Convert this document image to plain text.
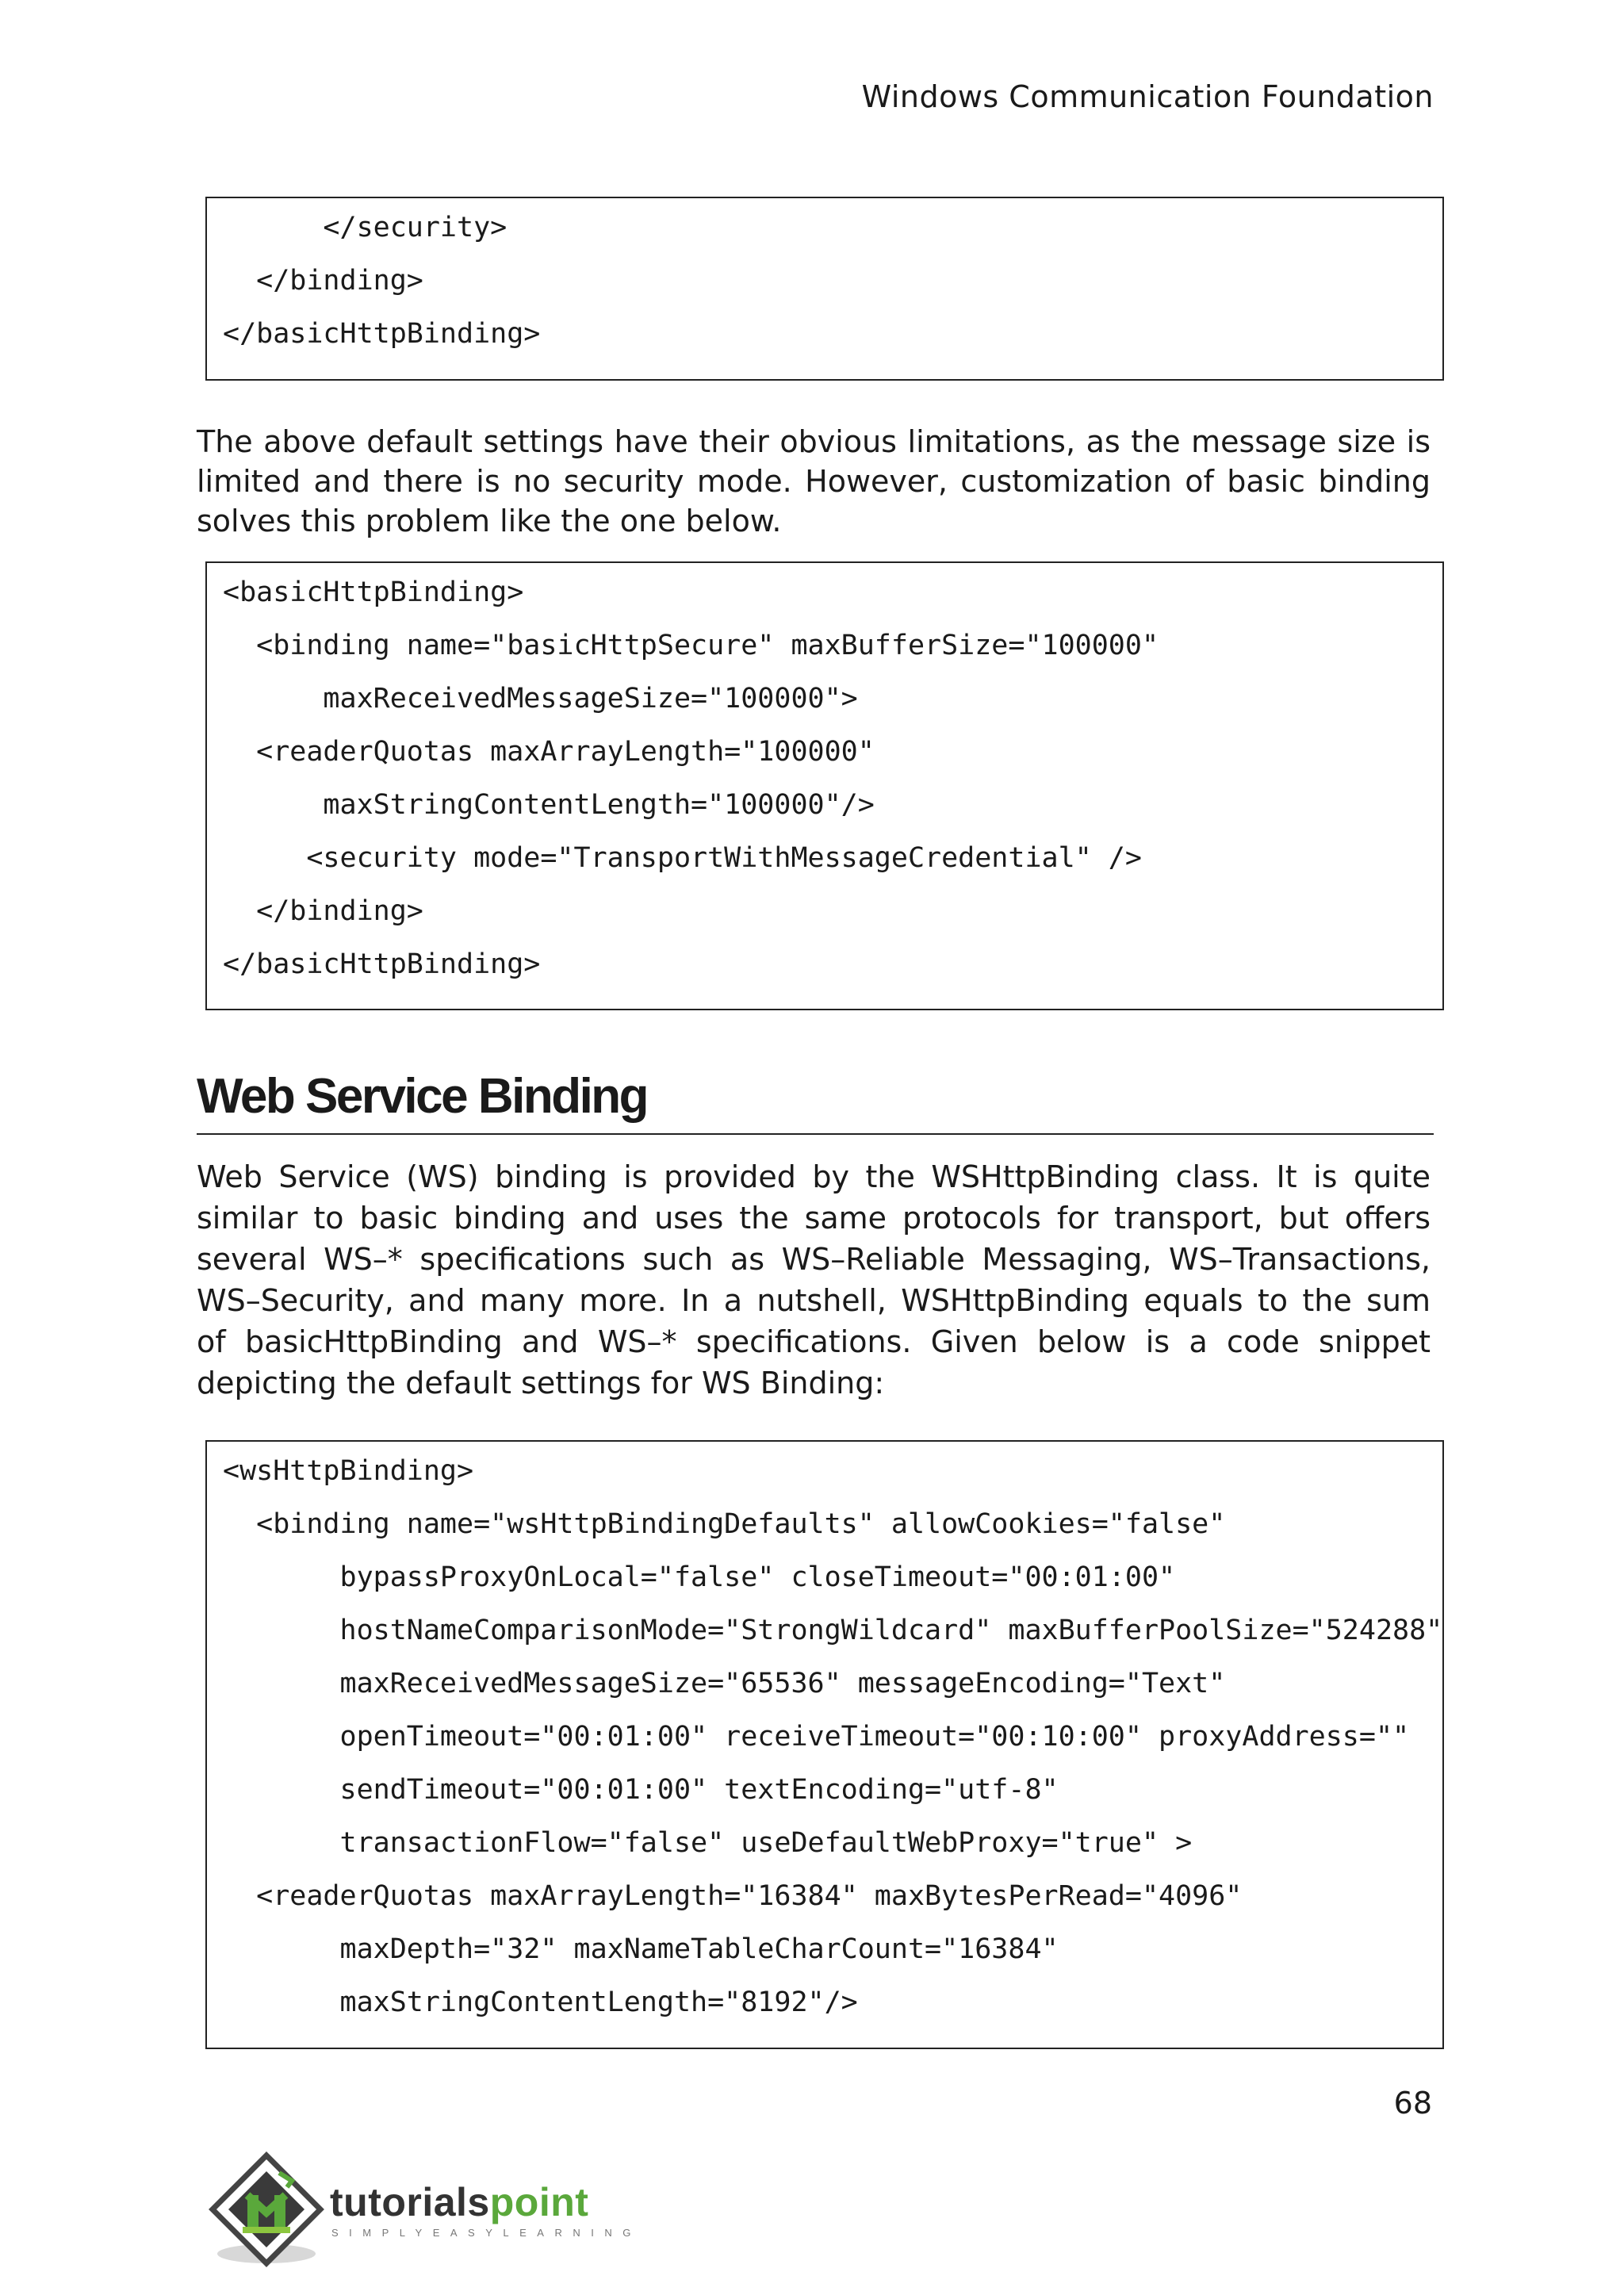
Windows Communication Foundation
</security>
</binding>
</basicHttpBinding>
The above default settings have their obvious limitations, as the message size is
limited and there is no security mode. However, customization of basic binding
solves this problem like the one below.
<basicHttpBinding>
<binding name="basicHttpSecure" maxBufferSize="100000"
maxReceivedMessageSize="100000">
<readerQuotas maxArrayLength="100000"
maxStringContentLength="100000"/>
<security mode="TransportWithMessageCredential" />
</binding>
</basicHttpBinding>
Web Service Binding
Web Service (WS) binding is provided by the WSHttpBinding class. It is quite
similar to basic binding and uses the same protocols for transport, but offers
several WS–* specifications such as WS–Reliable Messaging, WS–Transactions,
WS–Security, and many more. In a nutshell, WSHttpBinding equals to the sum
of basicHttpBinding and WS–* specifications. Given below is a code snippet
depicting the default settings for WS Binding:
<wsHttpBinding>
<binding name="wsHttpBindingDefaults" allowCookies="false"
bypassProxyOnLocal="false" closeTimeout="00:01:00"
hostNameComparisonMode="StrongWildcard" maxBufferPoolSize="524288"
maxReceivedMessageSize="65536" messageEncoding="Text"
openTimeout="00:01:00" receiveTimeout="00:10:00" proxyAddress=""
sendTimeout="00:01:00" textEncoding="utf-8"
transactionFlow="false" useDefaultWebProxy="true" >
<readerQuotas maxArrayLength="16384" maxBytesPerRead="4096"
maxDepth="32" maxNameTableCharCount="16384"
maxStringContentLength="8192"/>
68
tutorialspoint
SIMPLYEASYLEARNING
